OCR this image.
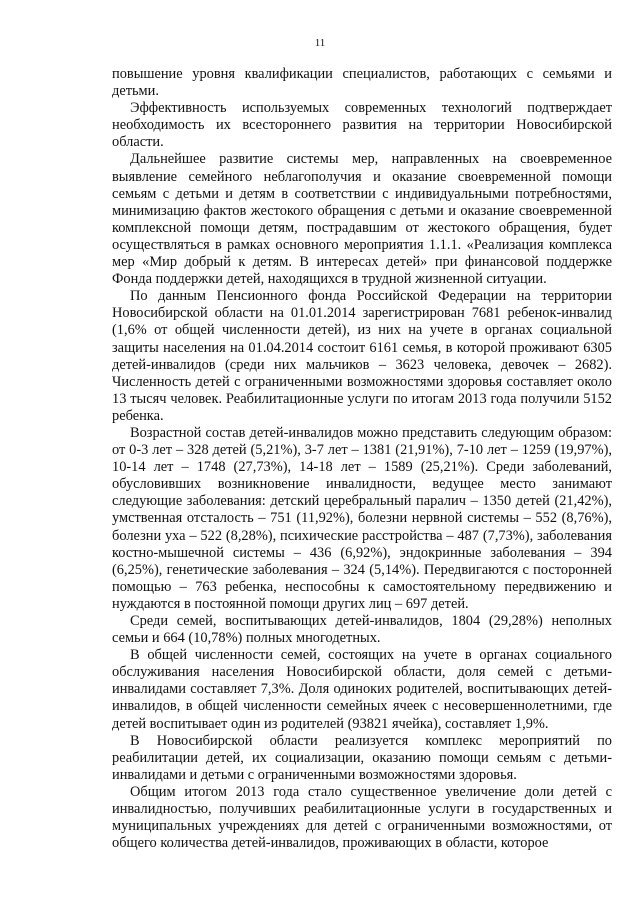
11

повышение уровня квалификации специалистов, работающих с семьями и детьми.

Эффективность используемых современных технологий подтверждает необходимость их всестороннего развития на территории Новосибирской области.

Дальнейшее развитие системы мер, направленных на своевременное выявление семейного неблагополучия и оказание своевременной помощи семьям с детьми и детям в соответствии с индивидуальными потребностями, минимизацию фактов жестокого обращения с детьми и оказание своевременной комплексной помощи детям, пострадавшим от жестокого обращения, будет осуществляться в рамках основного мероприятия 1.1.1. «Реализация комплекса мер «Мир добрый к детям. В интересах детей» при финансовой поддержке Фонда поддержки детей, находящихся в трудной жизненной ситуации.

По данным Пенсионного фонда Российской Федерации на территории Новосибирской области на 01.01.2014 зарегистрирован 7681 ребенок-инвалид (1,6% от общей численности детей), из них на учете в органах социальной защиты населения на 01.04.2014 состоит 6161 семья, в которой проживают 6305 детей-инвалидов (среди них мальчиков – 3623 человека, девочек – 2682). Численность детей с ограниченными возможностями здоровья составляет около 13 тысяч человек. Реабилитационные услуги по итогам 2013 года получили 5152 ребенка.

Возрастной состав детей-инвалидов можно представить следующим образом: от 0-3 лет – 328 детей (5,21%), 3-7 лет – 1381 (21,91%), 7-10 лет – 1259 (19,97%), 10-14 лет – 1748 (27,73%), 14-18 лет – 1589 (25,21%). Среди заболеваний, обусловивших возникновение инвалидности, ведущее место занимают следующие заболевания: детский церебральный паралич – 1350 детей (21,42%), умственная отсталость – 751 (11,92%), болезни нервной системы – 552 (8,76%), болезни уха – 522 (8,28%), психические расстройства – 487 (7,73%), заболевания костно-мышечной системы – 436 (6,92%), эндокринные заболевания – 394 (6,25%), генетические заболевания – 324 (5,14%). Передвигаются с посторонней помощью – 763 ребенка, неспособны к самостоятельному передвижению и нуждаются в постоянной помощи других лиц – 697 детей.

Среди семей, воспитывающих детей-инвалидов, 1804 (29,28%) неполных семьи и 664 (10,78%) полных многодетных.

В общей численности семей, состоящих на учете в органах социального обслуживания населения Новосибирской области, доля семей с детьми-инвалидами составляет 7,3%. Доля одиноких родителей, воспитывающих детей-инвалидов, в общей численности семейных ячеек с несовершеннолетними, где детей воспитывает один из родителей (93821 ячейка), составляет 1,9%.

В Новосибирской области реализуется комплекс мероприятий по реабилитации детей, их социализации, оказанию помощи семьям с детьми-инвалидами и детьми с ограниченными возможностями здоровья.

Общим итогом 2013 года стало существенное увеличение доли детей с инвалидностью, получивших реабилитационные услуги в государственных и муниципальных учреждениях для детей с ограниченными возможностями, от общего количества детей-инвалидов, проживающих в области, которое
